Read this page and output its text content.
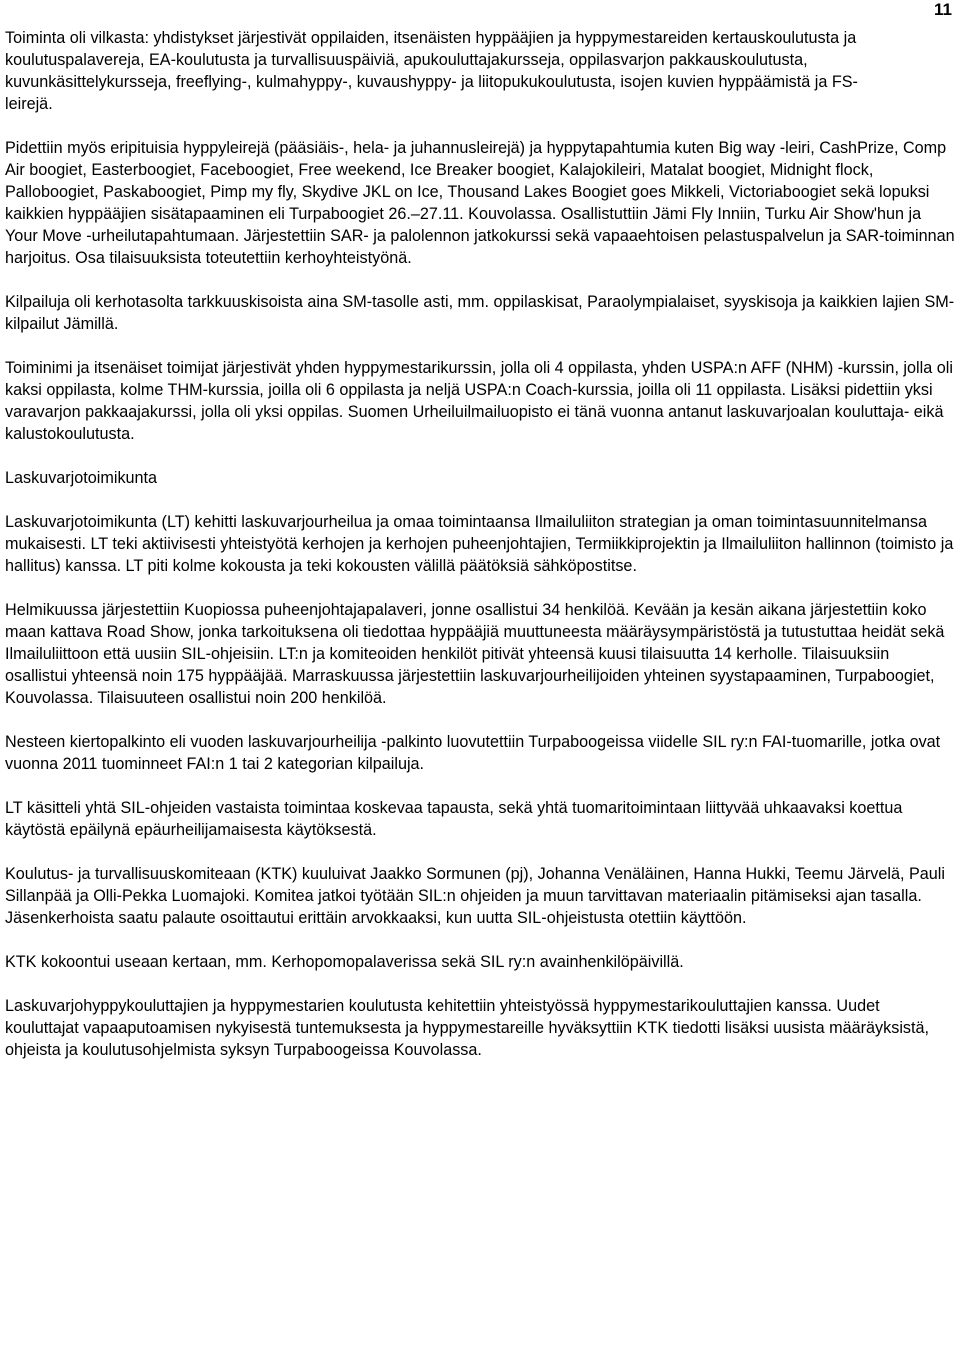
11

Toiminta oli vilkasta: yhdistykset järjestivät oppilaiden, itsenäisten hyppääjien ja hyppymestareiden kertauskoulutusta ja koulutuspalavereja, EA-koulutusta ja turvallisuuspäiviä, apukouluttajakursseja, oppilasvarjon pakkauskoulutusta, kuvunkäsittelykursseja, freeflying-, kulmahyppy-, kuvaushyppy- ja liitopukukoulutusta, isojen kuvien hyppäämistä ja FS-leirejä.

Pidettiin myös eripituisia hyppyleirejä (pääsiäis-, hela- ja juhannusleirejä) ja hyppytapahtumia kuten Big way -leiri, CashPrize, Comp Air boogiet, Easterboogiet, Faceboogiet, Free weekend, Ice Breaker boogiet, Kalajokileiri, Matalat boogiet, Midnight flock, Palloboogiet, Paskaboogiet, Pimp my fly, Skydive JKL on Ice, Thousand Lakes Boogiet goes Mikkeli, Victoriaboogiet sekä lopuksi kaikkien hyppääjien sisätapaaminen eli Turpaboogiet 26.–27.11. Kouvolassa. Osallistuttiin Jämi Fly Inniin, Turku Air Show'hun ja Your Move -urheilutapahtumaan. Järjestettiin SAR- ja palolennon jatkokurssi sekä vapaaehtoisen pelastuspalvelun ja SAR-toiminnan harjoitus. Osa tilaisuuksista toteutettiin kerhoyhteistyönä.

Kilpailuja oli kerhotasolta tarkkuuskisoista aina SM-tasolle asti, mm. oppilaskisat, Paraolympialaiset, syyskisoja ja kaikkien lajien SM-kilpailut Jämillä.

Toiminimi ja itsenäiset toimijat järjestivät yhden hyppymestarikurssin, jolla oli 4 oppilasta, yhden USPA:n AFF (NHM) -kurssin, jolla oli kaksi oppilasta, kolme THM-kurssia, joilla oli 6 oppilasta ja neljä USPA:n Coach-kurssia, joilla oli 11 oppilasta. Lisäksi pidettiin yksi varavarjon pakkaajakurssi, jolla oli yksi oppilas. Suomen Urheiluilmailuopisto ei tänä vuonna antanut laskuvarjoalan kouluttaja- eikä kalustokoulutusta.

Laskuvarjotoimikunta

Laskuvarjotoimikunta (LT) kehitti laskuvarjourheilua ja omaa toimintaansa Ilmailuliiton strategian ja oman toimintasuunnitelmansa mukaisesti. LT teki aktiivisesti yhteistyötä kerhojen ja kerhojen puheenjohtajien, Termiikkiprojektin ja Ilmailuliiton hallinnon (toimisto ja hallitus) kanssa. LT piti kolme kokousta ja teki kokousten välillä päätöksiä sähköpostitse.

Helmikuussa järjestettiin Kuopiossa puheenjohtajapalaveri, jonne osallistui 34 henkilöä. Kevään ja kesän aikana järjestettiin koko maan kattava Road Show, jonka tarkoituksena oli tiedottaa hyppääjiä muuttuneesta määräysympäristöstä ja tutustuttaa heidät sekä Ilmailuliittoon että uusiin SIL-ohjeisiin. LT:n ja komiteoiden henkilöt pitivät yhteensä kuusi tilaisuutta 14 kerholle. Tilaisuuksiin osallistui yhteensä noin 175 hyppääjää. Marraskuussa järjestettiin laskuvarjourheilijoiden yhteinen syystapaaminen, Turpaboogiet, Kouvolassa. Tilaisuuteen osallistui noin 200 henkilöä.

Nesteen kiertopalkinto eli vuoden laskuvarjourheilija -palkinto luovutettiin Turpaboogeissa viidelle SIL ry:n FAI-tuomarille, jotka ovat vuonna 2011 tuominneet FAI:n 1 tai 2 kategorian kilpailuja.

LT käsitteli yhtä SIL-ohjeiden vastaista toimintaa koskevaa tapausta, sekä yhtä tuomaritoimintaan liittyvää uhkaavaksi koettua käytöstä epäilynä epäurheilijamaisesta käytöksestä.

Koulutus- ja turvallisuuskomiteaan (KTK) kuuluivat Jaakko Sormunen (pj), Johanna Venäläinen, Hanna Hukki, Teemu Järvelä, Pauli Sillanpää ja Olli-Pekka Luomajoki. Komitea jatkoi työtään SIL:n ohjeiden ja muun tarvittavan materiaalin pitämiseksi ajan tasalla. Jäsenkerhoista saatu palaute osoittautui erittäin arvokkaaksi, kun uutta SIL-ohjeistusta otettiin käyttöön.

KTK kokoontui useaan kertaan, mm. Kerhopomopalaverissa sekä SIL ry:n avainhenkilöpäivillä.

Laskuvarjohyppykouluttajien ja hyppymestarien koulutusta kehitettiin yhteistyössä hyppymestarikouluttajien kanssa. Uudet kouluttajat vapaaputoamisen nykyisestä tuntemuksesta ja hyppymestareille hyväksyttiin KTK tiedotti lisäksi uusista määräyksistä, ohjeista ja koulutusohjelmista syksyn Turpaboogeissa Kouvolassa.
